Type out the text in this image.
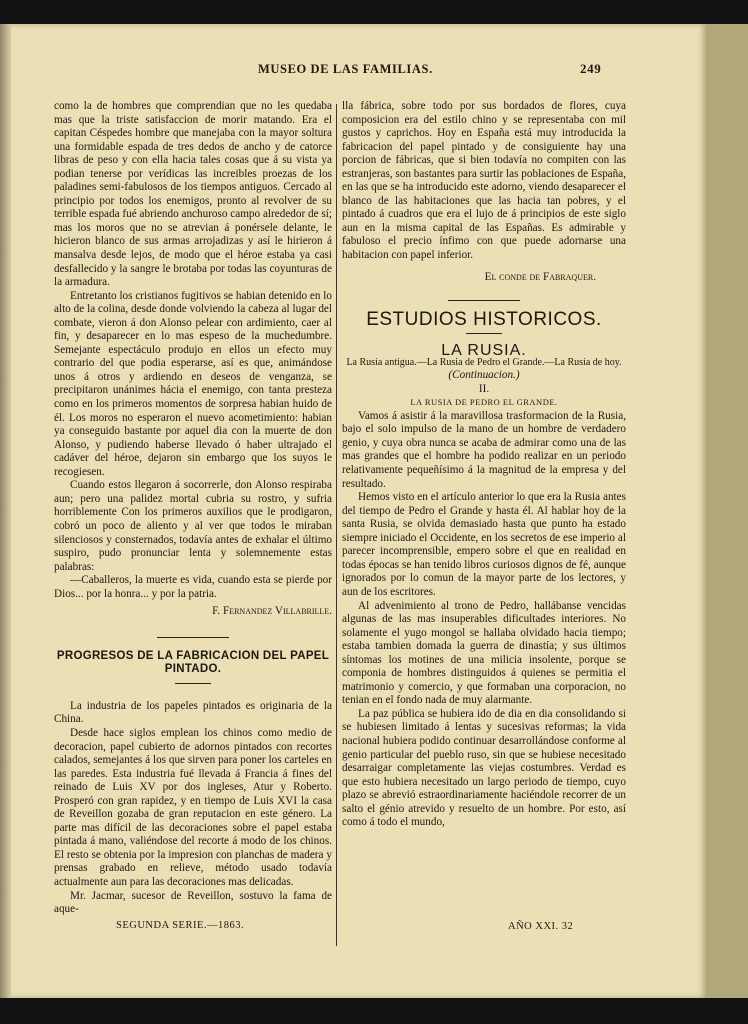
MUSEO DE LAS FAMILIAS.	249

como la de hombres que comprendian que no les quedaba mas que la triste satisfaccion de morir matando. Era el capitan Céspedes hombre que manejaba con la mayor soltura una formidable espada de tres dedos de ancho y de catorce libras de peso y con ella hacia tales cosas que á su vista ya podian tenerse por verídicas las increibles proezas de los paladines semi-fabulosos de los tiempos antiguos. Cercado al principio por todos los enemigos, pronto al revolver de su terrible espada fué abriendo anchuroso campo alrededor de sí; mas los moros que no se atrevian á ponérsele delante, le hicieron blanco de sus armas arrojadizas y así le hirieron á mansalva desde lejos, de modo que el héroe estaba ya casi desfallecido y la sangre le brotaba por todas las coyunturas de la armadura.

Entretanto los cristianos fugitivos se habian detenido en lo alto de la colina, desde donde volviendo la cabeza al lugar del combate, vieron á don Alonso pelear con ardimiento, caer al fin, y desaparecer en lo mas espeso de la muchedumbre. Semejante espectáculo produjo en ellos un efecto muy contrario del que podia esperarse, así es que, animándose unos á otros y ardiendo en deseos de venganza, se precipitaron unánimes hácia el enemigo, con tanta presteza como en los primeros momentos de sorpresa habian huido de él. Los moros no esperaron el nuevo acometimiento: habian ya conseguido bastante por aquel dia con la muerte de don Alonso, y pudiendo haberse llevado ó haber ultrajado el cadáver del héroe, dejaron sin embargo que los suyos le recogiesen.

Cuando estos llegaron á socorrerle, don Alonso respiraba aun; pero una palidez mortal cubria su rostro, y sufria horriblemente Con los primeros auxilios que le prodigaron, cobró un poco de aliento y al ver que todos le miraban silenciosos y consternados, todavía antes de exhalar el último suspiro, pudo pronunciar lenta y solemnemente estas palabras:

—Caballeros, la muerte es vida, cuando esta se pierde por Dios... por la honra... y por la patria.

F. Fernandez Villabrille.

PROGRESOS DE LA FABRICACION DEL PAPEL PINTADO.

La industria de los papeles pintados es originaria de la China.

Desde hace siglos emplean los chinos como medio de decoracion, papel cubierto de adornos pintados con recortes calados, semejantes á los que sirven para poner los carteles en las paredes. Esta industria fué llevada á Francia á fines del reinado de Luis XV por dos ingleses, Atur y Roberto. Prosperó con gran rapidez, y en tiempo de Luis XVI la casa de Reveillon gozaba de gran reputacion en este género. La parte mas difícil de las decoraciones sobre el papel estaba pintada á mano, valiéndose del recorte á modo de los chinos. El resto se obtenia por la impresion con planchas de madera y prensas grabado en relieve, método usado todavía actualmente aun para las decoraciones mas delicadas.

Mr. Jacmar, sucesor de Reveillon, sostuvo la fama de aque-

lla fábrica, sobre todo por sus bordados de flores, cuya composicion era del estilo chino y se representaba con mil gustos y caprichos. Hoy en España está muy introducida la fabricacion del papel pintado y de consiguiente hay una porcion de fábricas, que si bien todavía no compiten con las estranjeras, son bastantes para surtir las poblaciones de España, en las que se ha introducido este adorno, viendo desaparecer el blanco de las habitaciones que las hacia tan pobres, y el pintado á cuadros que era el lujo de á principios de este siglo aun en la misma capital de las Españas. Es admirable y fabuloso el precio ínfimo con que puede adornarse una habitacion con papel inferior.

El conde de Fabraquer.

ESTUDIOS HISTORICOS.

LA RUSIA.

La Rusia antigua.—La Rusia de Pedro el Grande.—La Rusia de hoy.

(Continuacion.)

II.

LA RUSIA DE PEDRO EL GRANDE.

Vamos á asistir á la maravillosa trasformacion de la Rusia, bajo el solo impulso de la mano de un hombre de verdadero genio, y cuya obra nunca se acaba de admirar como una de las mas grandes que el hombre ha podido realizar en un periodo relativamente pequeñísimo á la magnitud de la empresa y del resultado.

Hemos visto en el artículo anterior lo que era la Rusia antes del tiempo de Pedro el Grande y hasta él. Al hablar hoy de la santa Rusia, se olvida demasiado hasta que punto ha estado siempre iniciado el Occidente, en los secretos de ese imperio al parecer incomprensible, empero sobre el que en realidad en todas épocas se han tenido libros curiosos dignos de fé, aunque ignorados por lo comun de la mayor parte de los lectores, y aun de los escritores.

Al advenimiento al trono de Pedro, hallábanse vencidas algunas de las mas insuperables dificultades interiores. No solamente el yugo mongol se hallaba olvidado hacia tiempo; estaba tambien domada la guerra de dinastía; y sus últimos síntomas los motines de una milicia insolente, porque se componia de hombres distinguidos á quienes se permitia el matrimonio y comercio, y que formaban una corporacion, no tenian en el fondo nada de muy alarmante.

La paz pública se hubiera ido de dia en dia consolidando si se hubiesen limitado á lentas y sucesivas reformas; la vida nacional hubiera podido continuar desarrollándose conforme al genio particular del pueblo ruso, sin que se hubiese necesitado desarraigar completamente las viejas costumbres. Verdad es que esto hubiera necesitado un largo periodo de tiempo, cuyo plazo se abrevió estraordinariamente haciéndole recorrer de un salto el génio atrevido y resuelto de un hombre. Por esto, así como á todo el mundo,

SEGUNDA SERIE.—1863.	AÑO XXI. 32
